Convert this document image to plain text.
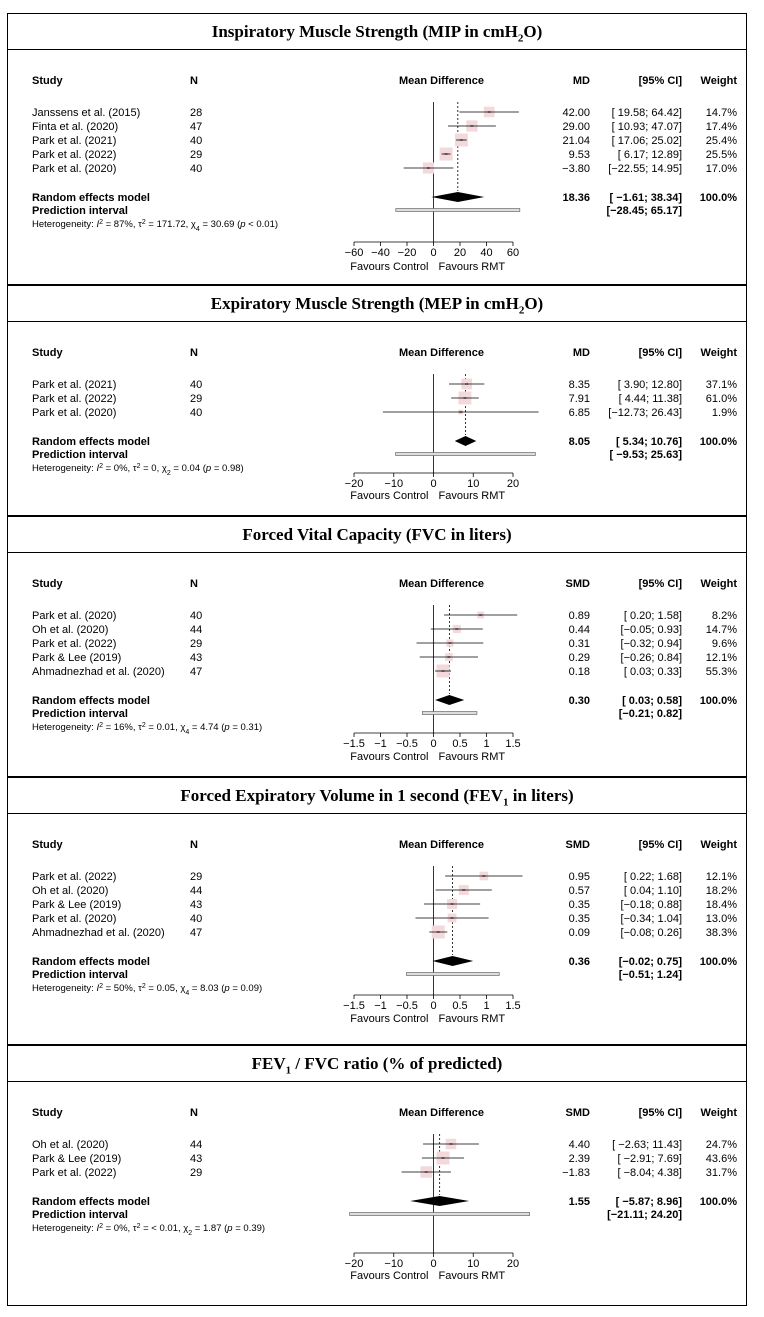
Inspiratory Muscle Strength (MIP in cmH$_2$O)
Study	N	Mean Difference	MD	[95% CI] Weight
Janssens et al. (2015)	28	42.00 [ 19.58; 64.42] 14.7%
Finta et al. (2020)	47	29.00 [ 10.93; 47.07] 17.4%
Park et al. (2021)	40	21.04 [ 17.06; 25.02] 25.4%
Park et al. (2022)	29	9.53	[ 6.17; 12.89] 25.5%
Park et al. (2020)	40	−3.80 [−22.55; 14.95] 17.0%
Random effects model	18.36 [ −1.61; 38.34] 100.0%
Prediction interval	[−28.45; 65.17]
Heterogeneity: $I^2 = 87\%$, $\tau^2 = 171.72$, $\chi_4 = 30.69$ (p < 0.01)
−60 −40 −20 0 20 40 60
Favours Control Favours RMT
Expiratory Muscle Strength (MEP in cmH$_2$O)
Study	N	Mean Difference	MD	[95% CI] Weight
Park et al. (2021)	40	8.35	[ 3.90; 12.80] 37.1%
Park et al. (2022)	29	7.91	[ 4.44; 11.38] 61.0%
Park et al. (2020)	40	6.85 [−12.73; 26.43]	1.9%
Random effects model	8.05 [ 5.34; 10.76] 100.0%
Prediction interval	[ −9.53; 25.63]
Heterogeneity: $I^2 = 0\%$, $\tau^2 = 0$, $\chi_2 = 0.04$ (p = 0.98)
−20 −10 0	10	20
Favours Control Favours RMT
Forced Vital Capacity (FVC in liters)
Study	N	Mean Difference	SMD	[95% CI] Weight
Park et al. (2020)	40	0.89	[ 0.20; 1.58]	8.2%
Oh et al. (2020)	44	0.44	[−0.05; 0.93] 14.7%
Park et al. (2022)	29	0.31	[−0.32; 0.94]	9.6%
Park & Lee (2019)	43	0.29	[−0.26; 0.84] 12.1%
Ahmadnezhad et al. (2020) 47	0.18	[ 0.03; 0.33] 55.3%
Random effects model	0.30	[ 0.03; 0.58] 100.0%
Prediction interval	[−0.21; 0.82]
Heterogeneity: $I^2 = 16\%$, $\tau^2 = 0.01$, $\chi_4 = 4.74$ (p = 0.31)
−1.5 −1 −0.5 0 0.5 1 1.5
Favours Control Favours RMT
Forced Expiratory Volume in 1 second ($FEV_1$ in liters)
Study	N	Mean Difference	SMD	[95% CI] Weight
Park et al. (2022)	29	0.95	[ 0.22; 1.68] 12.1%
Oh et al. (2020)	44	0.57	[ 0.04; 1.10] 18.2%
Park & Lee (2019)	43	0.35	[−0.18; 0.88] 18.4%
Park et al. (2020)	40	0.35	[−0.34; 1.04] 13.0%
Ahmadnezhad et al. (2020) 47	0.09	[−0.08; 0.26] 38.3%
Random effects model	0.36	[−0.02; 0.75] 100.0%
Prediction interval	[−0.51; 1.24]
Heterogeneity: $I^2 = 50\%$, $\tau^2 = 0.05$, $\chi_4 = 8.03$ (p = 0.09)
−1.5 −1 −0.5 0 0.5 1 1.5
Favours Control Favours RMT
$FEV_1$ / FVC ratio (% of predicted)
Study	N	Mean Difference	SMD	[95% CI] Weight
Oh et al. (2020)	44	4.40 [ −2.63; 11.43] 24.7%
Park & Lee (2019)	43	2.39 [ −2.91; 7.69] 43.6%
Park et al. (2022)	29	−1.83 [ −8.04; 4.38] 31.7%
Random effects model	1.55 [ −5.87; 8.96] 100.0%
Prediction interval	[−21.11; 24.20]
Heterogeneity: $I^2 = 0\%$, $\tau^2$ = < 0.01, $\chi_2 = 1.87$ (p = 0.39)
−20 −10 0	10	20
Favours Control Favours RMT
